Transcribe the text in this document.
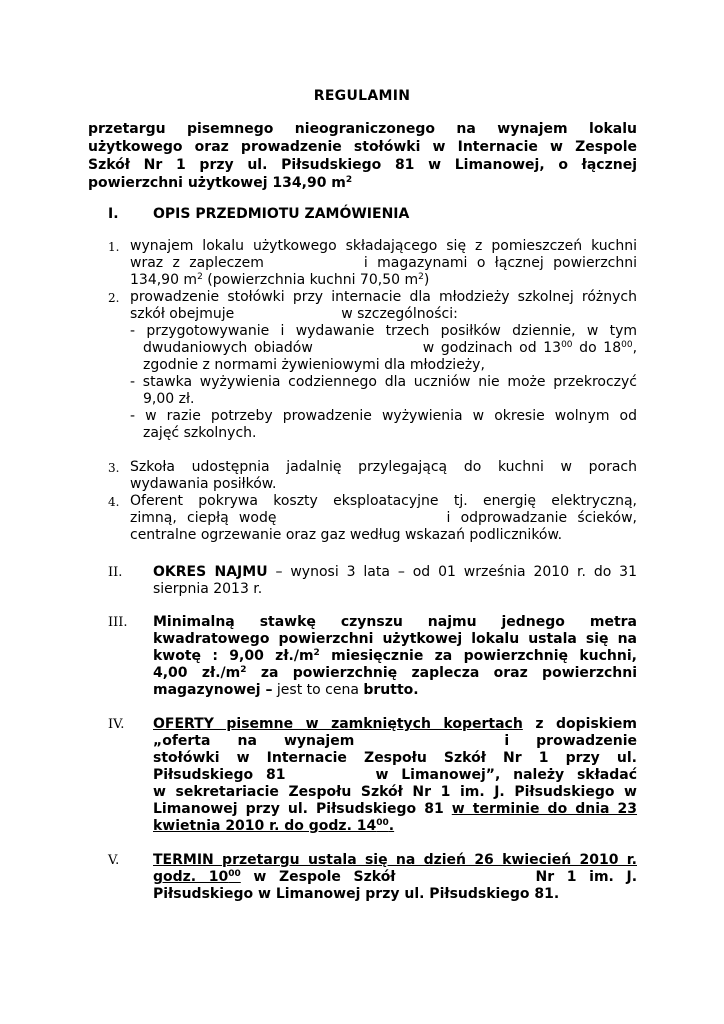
REGULAMIN
przetargu pisemnego nieograniczonego na wynajem lokalu
użytkowego oraz prowadzenie stołówki w Internacie w Zespole
Szkół Nr 1 przy ul. Piłsudskiego 81 w Limanowej, o łącznej
powierzchni użytkowej 134,90 $m^2$
I. OPIS PRZEDMIOTU ZAMÓWIENIA
1. wynajem lokalu użytkowego składającego się z pomieszczeń kuchni
wraz z zapleczem	i magazynami o łącznej powierzchni
134,90 $m^2$ (powierzchnia kuchni 70,50 $m^2$)
2. prowadzenie stołówki przy internacie dla młodzieży szkolnej różnych
szkół obejmuje	w szczególności:
- przygotowywanie i wydawanie trzech posiłków dziennie, w tym
dwudaniowych obiadów	w godzinach od $13^{00}$ do $18^{00}$,
zgodnie z normami żywieniowymi dla młodzieży,
- stawka wyżywienia codziennego dla uczniów nie może przekroczyć
9,00 zł.
- w razie potrzeby prowadzenie wyżywienia w okresie wolnym od
zajęć szkolnych.
3. Szkoła udostępnia jadalnię przylegającą do kuchni w porach
wydawania posiłków.
4. Oferent pokrywa koszty eksploatacyjne tj. energię elektryczną,
zimną, ciepłą wodę	i odprowadzanie ścieków,
centralne ogrzewanie oraz gaz według wskazań podliczników.
II. OKRES NAJMU – wynosi 3 lata – od 01 września 2010 r. do 31
sierpnia 2013 r.
III. Minimalną stawkę czynszu najmu jednego metra
kwadratowego powierzchni użytkowej lokalu ustala się na
kwotę : 9,00 $zł./m^2$ miesięcznie za powierzchnię kuchni,
4,00 $zł./m^2$ za powierzchnię zaplecza oraz powierzchni
magazynowej – jest to cena brutto.
IV. OFERTY pisemne w zamkniętych kopertach z dopiskiem
„oferta na wynajem	i prowadzenie
stołówki w Internacie Zespołu Szkół Nr 1 przy ul.
Piłsudskiego 81	w Limanowej”, należy składać
w sekretariacie Zespołu Szkół Nr 1 im. J. Piłsudskiego w
Limanowej przy ul. Piłsudskiego 81 w terminie do dnia 23
kwietnia 2010 r. do godz. $14^{00}$.
V. TERMIN przetargu ustala się na dzień 26 kwiecień 2010 r.
godz. $10^{00}$ w Zespole Szkół	Nr 1 im. J.
Piłsudskiego w Limanowej przy ul. Piłsudskiego 81.
